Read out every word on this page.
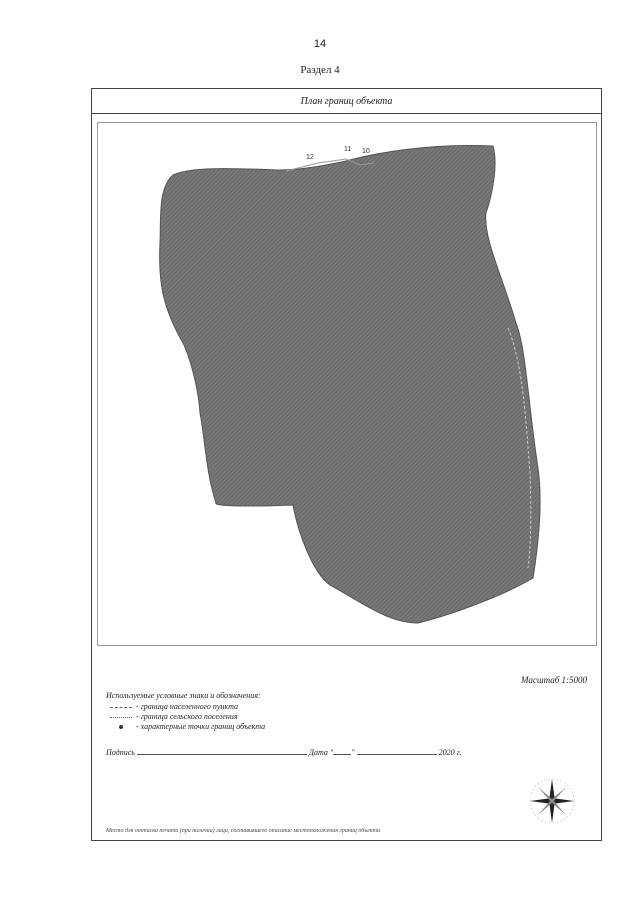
14
Раздел 4
План границ объекта
12
11 10
Масштаб 1:5000
Используемые условные знаки и обозначения:
- граница населенного пункта
- граница сельского поселения
- характерные точки границ объекта
Подпись	Дата " "	2020 г.
Место для оттиска печати (при наличии) лица, составившего описание местоположения границ объекта
